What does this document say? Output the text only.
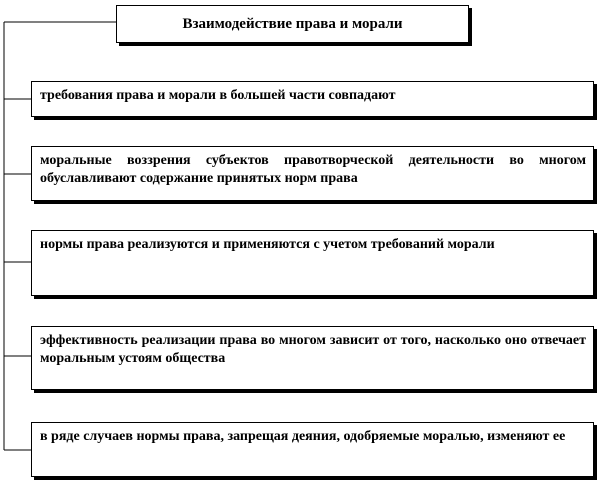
Взаимодействие права и морали
требования права и морали в большей части совпадают
моральные воззрения субъектов правотворческой деятельности во многом обуславливают содержание принятых норм права
нормы права реализуются и применяются с учетом требований морали
эффективность реализации права во многом зависит от того, насколько оно отвечает моральным устоям общества
в ряде случаев нормы права, запрещая деяния, одобряемые моралью, изменяют ее
